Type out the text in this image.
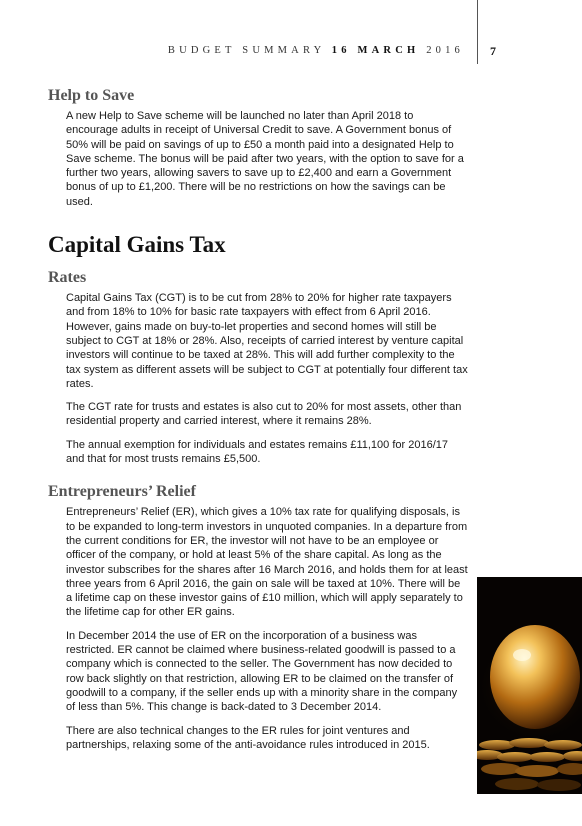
BUDGET SUMMARY 16 MARCH 2016 7
Help to Save

A new Help to Save scheme will be launched no later than April 2018 to encourage adults in receipt of Universal Credit to save. A Government bonus of 50% will be paid on savings of up to £50 a month paid into a designated Help to Save scheme. The bonus will be paid after two years, with the option to save for a further two years, allowing savers to save up to £2,400 and earn a Government bonus of up to £1,200. There will be no restrictions on how the savings can be used.

Capital Gains Tax
Rates

Capital Gains Tax (CGT) is to be cut from 28% to 20% for higher rate taxpayers and from 18% to 10% for basic rate taxpayers with effect from 6 April 2016. However, gains made on buy-to-let properties and second homes will still be subject to CGT at 18% or 28%. Also, receipts of carried interest by venture capital investors will continue to be taxed at 28%. This will add further complexity to the tax system as different assets will be subject to CGT at potentially four different tax rates.

The CGT rate for trusts and estates is also cut to 20% for most assets, other than residential property and carried interest, where it remains 28%.

The annual exemption for individuals and estates remains £11,100 for 2016/17 and that for most trusts remains £5,500.

Entrepreneurs’ Relief

Entrepreneurs’ Relief (ER), which gives a 10% tax rate for qualifying disposals, is to be expanded to long-term investors in unquoted companies. In a departure from the current conditions for ER, the investor will not have to be an employee or officer of the company, or hold at least 5% of the share capital. As long as the investor subscribes for the shares after 16 March 2016, and holds them for at least three years from 6 April 2016, the gain on sale will be taxed at 10%. There will be a lifetime cap on these investor gains of £10 million, which will apply separately to the lifetime cap for other ER gains.

In December 2014 the use of ER on the incorporation of a business was restricted. ER cannot be claimed where business-related goodwill is passed to a company which is connected to the seller. The Government has now decided to row back slightly on that restriction, allowing ER to be claimed on the transfer of goodwill to a company, if the seller ends up with a minority share in the company of less than 5%. This change is back-dated to 3 December 2014.

There are also technical changes to the ER rules for joint ventures and partnerships, relaxing some of the anti-avoidance rules introduced in 2015.
